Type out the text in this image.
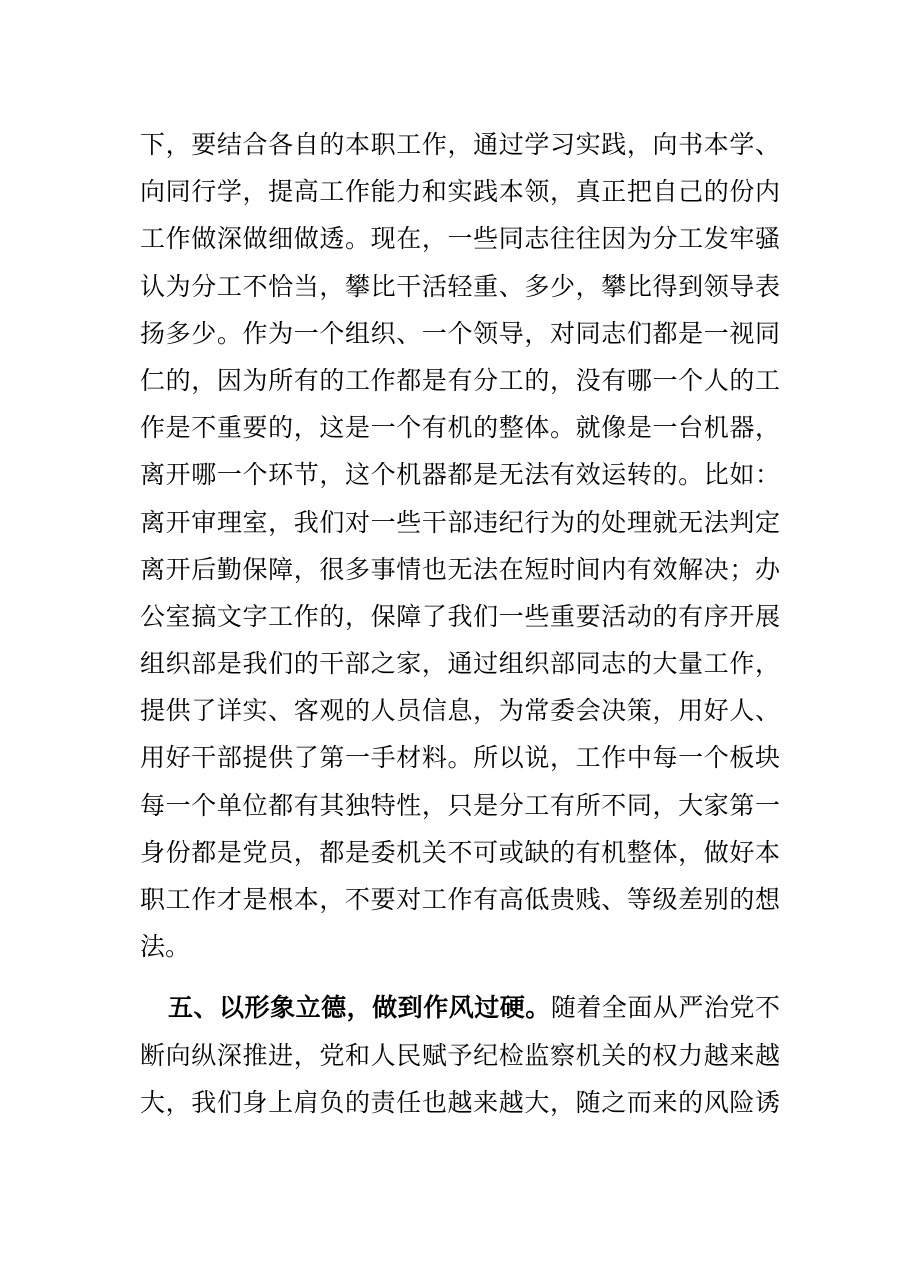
下，要结合各自的本职工作，通过学习实践，向书本学、
向同行学，提高工作能力和实践本领，真正把自己的份内
工作做深做细做透。现在，一些同志往往因为分工发牢骚
认为分工不恰当，攀比干活轻重、多少，攀比得到领导表
扬多少。作为一个组织、一个领导，对同志们都是一视同
仁的，因为所有的工作都是有分工的，没有哪一个人的工
作是不重要的，这是一个有机的整体。就像是一台机器，
离开哪一个环节，这个机器都是无法有效运转的。比如：
离开审理室，我们对一些干部违纪行为的处理就无法判定
离开后勤保障，很多事情也无法在短时间内有效解决；办
公室搞文字工作的，保障了我们一些重要活动的有序开展
组织部是我们的干部之家，通过组织部同志的大量工作，
提供了详实、客观的人员信息，为常委会决策，用好人、
用好干部提供了第一手材料。所以说，工作中每一个板块
每一个单位都有其独特性，只是分工有所不同，大家第一
身份都是党员，都是委机关不可或缺的有机整体，做好本
职工作才是根本，不要对工作有高低贵贱、等级差别的想
法。
五、以形象立德，做到作风过硬。随着全面从严治党不
断向纵深推进，党和人民赋予纪检监察机关的权力越来越
大，我们身上肩负的责任也越来越大，随之而来的风险诱
